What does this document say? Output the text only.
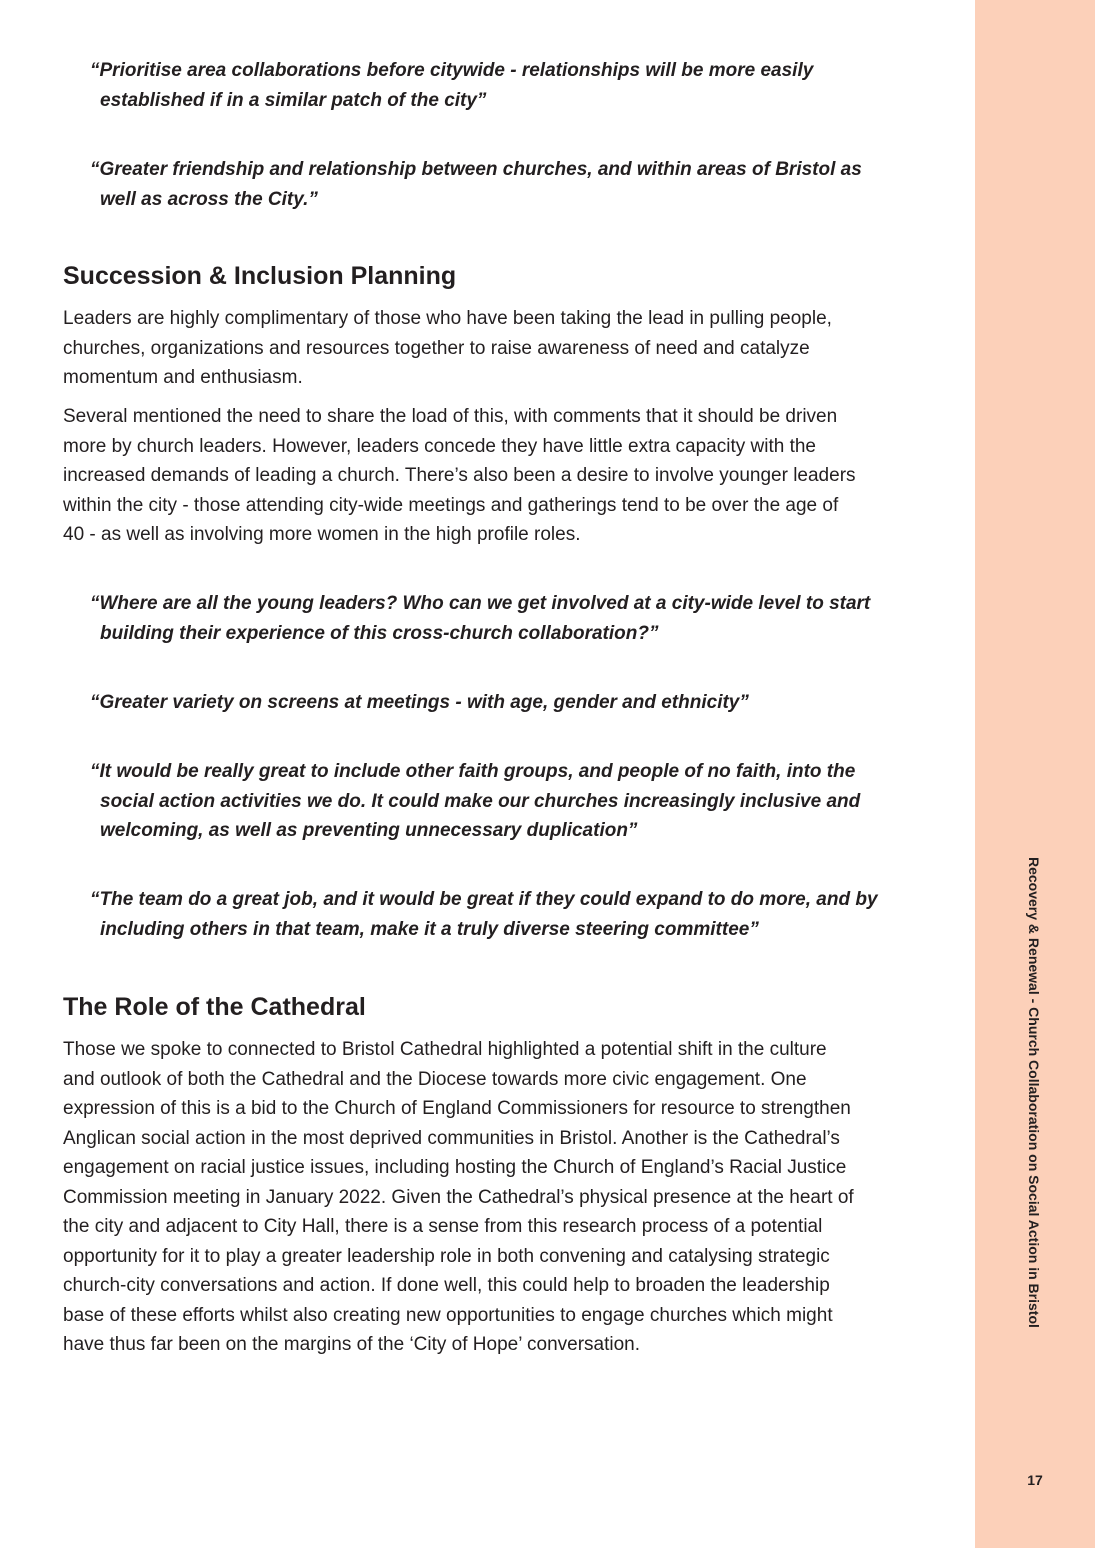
“Prioritise area collaborations before citywide - relationships will be more easily established if in a similar patch of the city”

“Greater friendship and relationship between churches, and within areas of Bristol as well as across the City.”

Succession & Inclusion Planning

Leaders are highly complimentary of those who have been taking the lead in pulling people, churches, organizations and resources together to raise awareness of need and catalyze momentum and enthusiasm.

Several mentioned the need to share the load of this, with comments that it should be driven more by church leaders. However, leaders concede they have little extra capacity with the increased demands of leading a church. There’s also been a desire to involve younger leaders within the city - those attending city-wide meetings and gatherings tend to be over the age of 40 - as well as involving more women in the high profile roles.

“Where are all the young leaders? Who can we get involved at a city-wide level to start building their experience of this cross-church collaboration?”

“Greater variety on screens at meetings - with age, gender and ethnicity”

“It would be really great to include other faith groups, and people of no faith, into the social action activities we do. It could make our churches increasingly inclusive and welcoming, as well as preventing unnecessary duplication”

“The team do a great job, and it would be great if they could expand to do more, and by including others in that team, make it a truly diverse steering committee”

The Role of the Cathedral

Those we spoke to connected to Bristol Cathedral highlighted a potential shift in the culture and outlook of both the Cathedral and the Diocese towards more civic engagement. One expression of this is a bid to the Church of England Commissioners for resource to strengthen Anglican social action in the most deprived communities in Bristol. Another is the Cathedral’s engagement on racial justice issues, including hosting the Church of England’s Racial Justice Commission meeting in January 2022. Given the Cathedral’s physical presence at the heart of the city and adjacent to City Hall, there is a sense from this research process of a potential opportunity for it to play a greater leadership role in both convening and catalysing strategic church-city conversations and action. If done well, this could help to broaden the leadership base of these efforts whilst also creating new opportunities to engage churches which might have thus far been on the margins of the ‘City of Hope’ conversation.

Recovery & Renewal - Church Collaboration on Social Action in Bristol
17
